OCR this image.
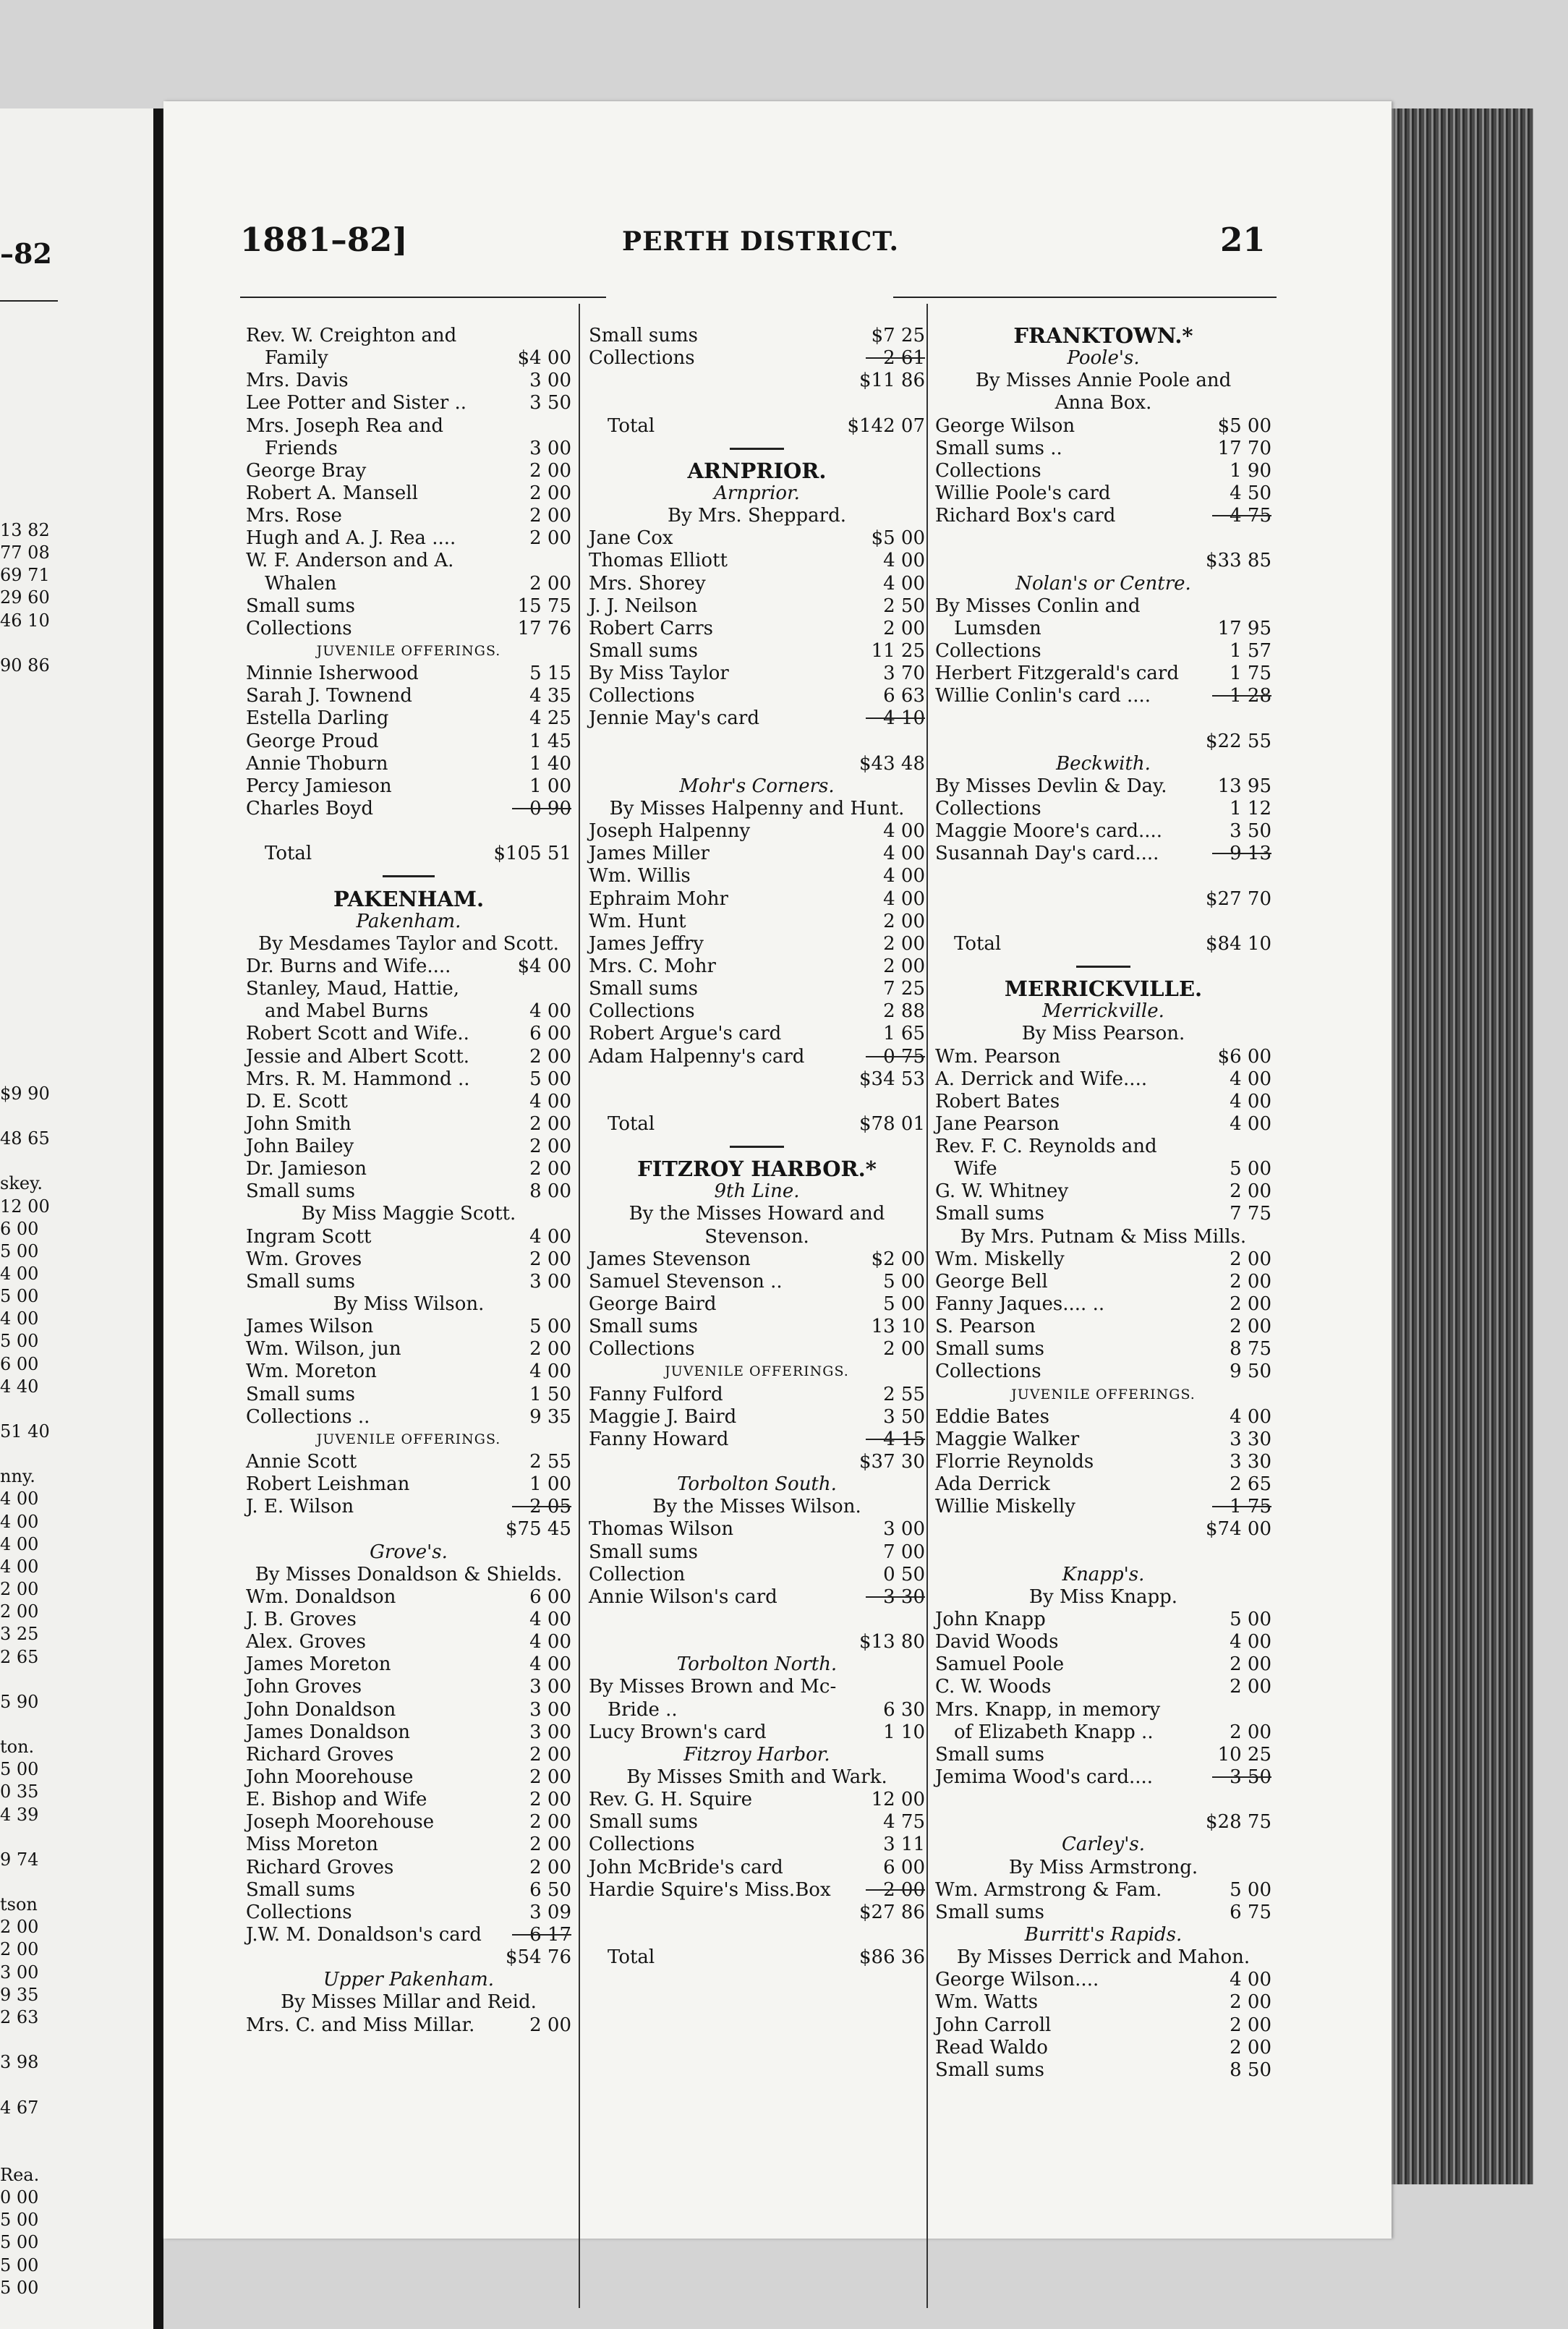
–82
13 82
77 08
69 71
29 60
46 10
90 86
$9 90
48 65
skey.
12 00
6 00
5 00
4 00
5 00
4 00
5 00
6 00
4 40
51 40
nny.
4 00
4 00
4 00
4 00
2 00
2 00
3 25
2 65
5 90
ton.
5 00
0 35
4 39
9 74
tson
2 00
2 00
3 00
9 35
2 63
3 98
4 67
Rea.
0 00
5 00
5 00
5 00
5 00
1881–82]	PERTH DISTRICT.	21
Rev. W. Creighton and
Family	$4 00
Mrs. Davis	3 00
Lee Potter and Sister ..	3 50
Mrs. Joseph Rea and
Friends	3 00
George Bray	2 00
Robert A. Mansell	2 00
Mrs. Rose	2 00
Hugh and A. J. Rea ....	2 00
W. F. Anderson and A.
Whalen	2 00
Small sums	15 75
Collections	17 76
JUVENILE OFFERINGS.
Minnie Isherwood	5 15
Sarah J. Townend	4 35
Estella Darling	4 25
George Proud	1 45
Annie Thoburn	1 40
Percy Jamieson	1 00
Charles Boyd	0 90
Total	$105 51
PAKENHAM.
Pakenham.
By Mesdames Taylor and Scott.
Dr. Burns and Wife....	$4 00
Stanley, Maud, Hattie,
and Mabel Burns	4 00
Robert Scott and Wife..	6 00
Jessie and Albert Scott.	2 00
Mrs. R. M. Hammond ..	5 00
D. E. Scott	4 00
John Smith	2 00
John Bailey	2 00
Dr. Jamieson	2 00
Small sums	8 00
By Miss Maggie Scott.
Ingram Scott	4 00
Wm. Groves	2 00
Small sums	3 00
By Miss Wilson.
James Wilson	5 00
Wm. Wilson, jun	2 00
Wm. Moreton	4 00
Small sums	1 50
Collections ..	9 35
JUVENILE OFFERINGS.
Annie Scott	2 55
Robert Leishman	1 00
J. E. Wilson	2 05
$75 45
Grove's.
By Misses Donaldson & Shields.
Wm. Donaldson	6 00
J. B. Groves	4 00
Alex. Groves	4 00
James Moreton	4 00
John Groves	3 00
John Donaldson	3 00
James Donaldson	3 00
Richard Groves	2 00
John Moorehouse	2 00
E. Bishop and Wife	2 00
Joseph Moorehouse	2 00
Miss Moreton	2 00
Richard Groves	2 00
Small sums	6 50
Collections	3 09
J.W. M. Donaldson's card	6 17
$54 76
Upper Pakenham.
By Misses Millar and Reid.
Mrs. C. and Miss Millar.	2 00
Small sums	$7 25
Collections	2 61
$11 86
Total	$142 07
ARNPRIOR.
Arnprior.
By Mrs. Sheppard.
Jane Cox	$5 00
Thomas Elliott	4 00
Mrs. Shorey	4 00
J. J. Neilson	2 50
Robert Carrs	2 00
Small sums	11 25
By Miss Taylor	3 70
Collections	6 63
Jennie May's card	4 10
$43 48
Mohr's Corners.
By Misses Halpenny and Hunt.
Joseph Halpenny	4 00
James Miller	4 00
Wm. Willis	4 00
Ephraim Mohr	4 00
Wm. Hunt	2 00
James Jeffry	2 00
Mrs. C. Mohr	2 00
Small sums	7 25
Collections	2 88
Robert Argue's card	1 65
Adam Halpenny's card	0 75
$34 53
Total	$78 01
FITZROY HARBOR.*
9th Line.
By the Misses Howard and
Stevenson.
James Stevenson	$2 00
Samuel Stevenson ..	5 00
George Baird	5 00
Small sums	13 10
Collections	2 00
JUVENILE OFFERINGS.
Fanny Fulford	2 55
Maggie J. Baird	3 50
Fanny Howard	4 15
$37 30
Torbolton South.
By the Misses Wilson.
Thomas Wilson	3 00
Small sums	7 00
Collection	0 50
Annie Wilson's card	3 30
$13 80
Torbolton North.
By Misses Brown and Mc-
Bride ..	6 30
Lucy Brown's card	1 10
Fitzroy Harbor.
By Misses Smith and Wark.
Rev. G. H. Squire	12 00
Small sums	4 75
Collections	3 11
John McBride's card	6 00
Hardie Squire's Miss.Box	2 00
$27 86
Total	$86 36
FRANKTOWN.*
Poole's.
By Misses Annie Poole and
Anna Box.
George Wilson	$5 00
Small sums ..	17 70
Collections	1 90
Willie Poole's card	4 50
Richard Box's card	4 75
$33 85
Nolan's or Centre.
By Misses Conlin and
Lumsden	17 95
Collections	1 57
Herbert Fitzgerald's card	1 75
Willie Conlin's card ....	1 28
$22 55
Beckwith.
By Misses Devlin & Day.	13 95
Collections	1 12
Maggie Moore's card....	3 50
Susannah Day's card....	9 13
$27 70
Total	$84 10
MERRICKVILLE.
Merrickville.
By Miss Pearson.
Wm. Pearson	$6 00
A. Derrick and Wife....	4 00
Robert Bates	4 00
Jane Pearson	4 00
Rev. F. C. Reynolds and
Wife	5 00
G. W. Whitney	2 00
Small sums	7 75
By Mrs. Putnam & Miss Mills.
Wm. Miskelly	2 00
George Bell	2 00
Fanny Jaques.... ..	2 00
S. Pearson	2 00
Small sums	8 75
Collections	9 50
JUVENILE OFFERINGS.
Eddie Bates	4 00
Maggie Walker	3 30
Florrie Reynolds	3 30
Ada Derrick	2 65
Willie Miskelly	1 75
$74 00
Knapp's.
By Miss Knapp.
John Knapp	5 00
David Woods	4 00
Samuel Poole	2 00
C. W. Woods	2 00
Mrs. Knapp, in memory
of Elizabeth Knapp ..	2 00
Small sums	10 25
Jemima Wood's card....	3 50
$28 75
Carley's.
By Miss Armstrong.
Wm. Armstrong & Fam.	5 00
Small sums	6 75
Burritt's Rapids.
By Misses Derrick and Mahon.
George Wilson....	4 00
Wm. Watts	2 00
John Carroll	2 00
Read Waldo	2 00
Small sums	8 50
